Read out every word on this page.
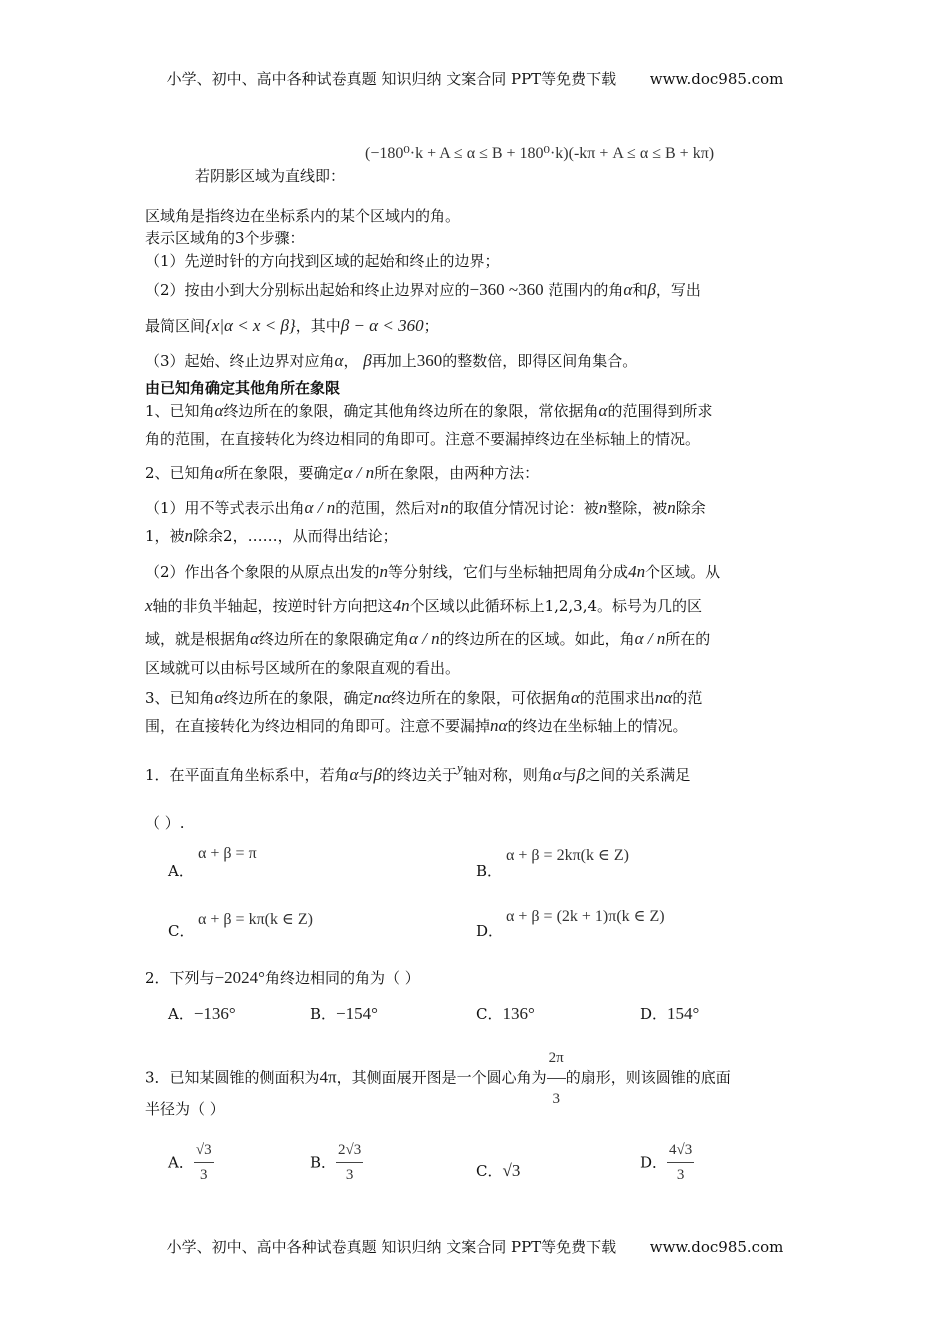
小学、初中、高中各种试卷真题 知识归纳 文案合同 PPT等免费下载 www.doc985.com
(−180⁰·k + A ≤ α ≤ B + 180⁰·k)(-kπ + A ≤ α ≤ B + kπ)
若阴影区域为直线即：
区域角是指终边在坐标系内的某个区域内的角。
表示区域角的3个步骤：
（1）先逆时针的方向找到区域的起始和终止的边界；
（2）按由小到大分别标出起始和终止边界对应的−360 ~360 范围内的角α和β，写出
最简区间{x|α < x < β}，其中β − α < 360；
（3）起始、终止边界对应角α， β再加上360的整数倍，即得区间角集合。
由已知角确定其他角所在象限
1、已知角α终边所在的象限，确定其他角终边所在的象限，常依据角α的范围得到所求
角的范围，在直接转化为终边相同的角即可。注意不要漏掉终边在坐标轴上的情况。
2、已知角α所在象限，要确定α / n所在象限，由两种方法：
（1）用不等式表示出角α / n的范围，然后对n的取值分情况讨论：被n整除，被n除余
1，被n除余2，……，从而得出结论；
（2）作出各个象限的从原点出发的n等分射线，它们与坐标轴把周角分成4n个区域。从
x轴的非负半轴起，按逆时针方向把这4n个区域以此循环标上1,2,3,4。标号为几的区
域，就是根据角α终边所在的象限确定角α / n的终边所在的区域。如此，角α / n所在的
区域就可以由标号区域所在的象限直观的看出。
3、已知角α终边所在的象限，确定nα终边所在的象限，可依据角α的范围求出nα的范
围，在直接转化为终边相同的角即可。注意不要漏掉nα的终边在坐标轴上的情况。
1．在平面直角坐标系中，若角α与β的终边关于y轴对称，则角α与β之间的关系满足
（ ）.
A．
α + β = π
B．
α + β = 2kπ(k ∈ Z)
C．
α + β = kπ(k ∈ Z)
D．
α + β = (2k + 1)π(k ∈ Z)
2．下列与−2024°角终边相同的角为（ ）
A．−136°	B．−154°	C．136°	D．154°
3．已知某圆锥的侧面积为4π，其侧面展开图是一个圆心角为 $\frac{2\pi}{3}$ 的扇形，则该圆锥的底面
半径为（ ）
A． $\frac{√3}{3}$	B． $\frac{2√3}{3}$	C．√3	D． $\frac{4√3}{3}$
小学、初中、高中各种试卷真题 知识归纳 文案合同 PPT等免费下载 www.doc985.com
